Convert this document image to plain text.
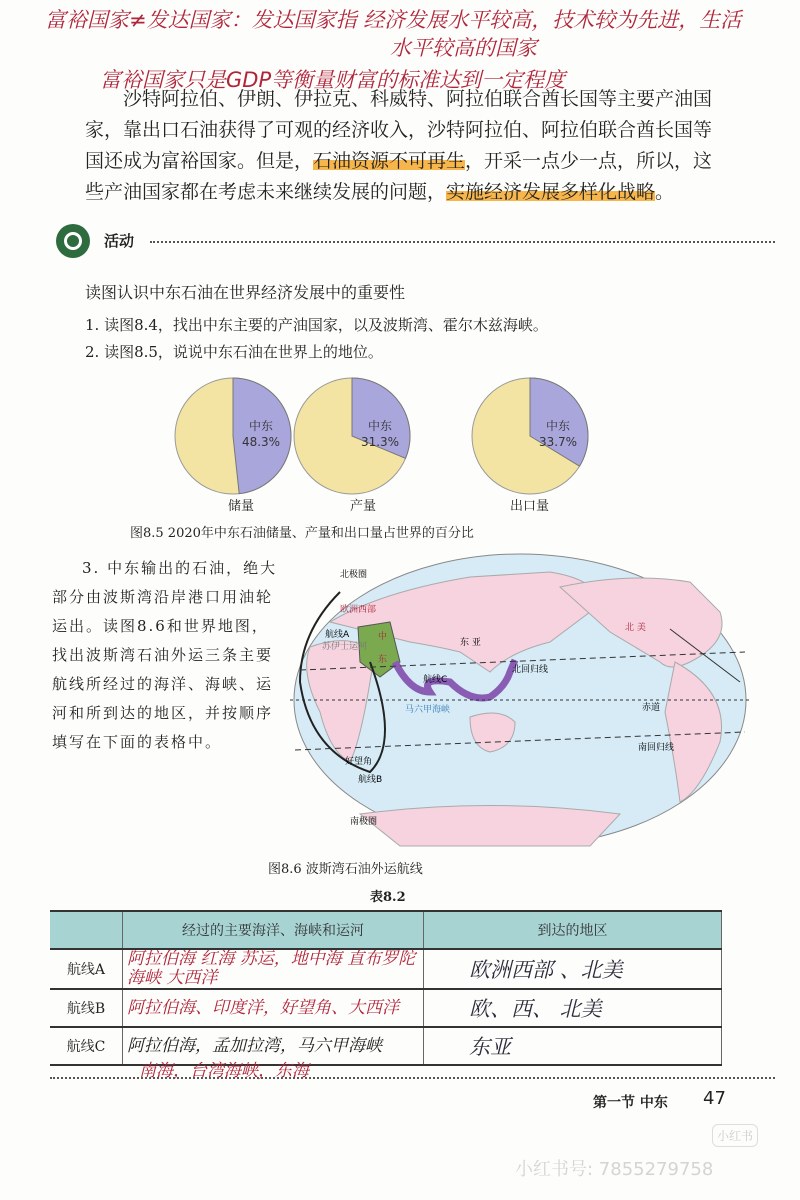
富裕国家≠发达国家：发达国家指 经济发展水平较高，技术较为先进，生活
水平较高的国家
富裕国家只是GDP等衡量财富的标准达到一定程度

沙特阿拉伯、伊朗、伊拉克、科威特、阿拉伯联合酋长国等主要产油国家，靠出口石油获得了可观的经济收入，沙特阿拉伯、阿拉伯联合酋长国等国还成为富裕国家。但是，石油资源不可再生，开采一点少一点，所以，这些产油国家都在考虑未来继续发展的问题，实施经济发展多样化战略。

活动
读图认识中东石油在世界经济发展中的重要性
1. 读图8.4，找出中东主要的产油国家，以及波斯湾、霍尔木兹海峡。
2. 读图8.5，说说中东石油在世界上的地位。
中东
48.3%
中东
31.3%
中东
33.7%
储量	产量	出口量
图8.5 2020年中东石油储量、产量和出口量占世界的百分比
3. 中东输出的石油，绝大部分由波斯湾沿岸港口用油轮运出。读图8.6和世界地图，找出波斯湾石油外运三条主要航线所经过的海洋、海峡、运河和所到达的地区，并按顺序填写在下面的表格中。
北极圈
南极圈
欧洲西部
航线A
苏伊士运河
中
东
东 亚
航线C
马六甲海峡
好望角
航线B
北回归线
赤道
南回归线
北 美
图8.6 波斯湾石油外运航线
表8.2
	经过的主要海洋、海峡和运河	到达的地区
航线A	阿拉伯海 红海 苏运，地中海 直布罗陀海峡 大西洋	欧洲西部 、北美
航线B	阿拉伯海、印度洋，好望角、大西洋	欧、西、 北美
航线C	阿拉伯海，孟加拉湾，马六甲海峡	东亚
南海，台湾海峡，东海
第一节 中东 47
小红书
小红书号: 7855279758
